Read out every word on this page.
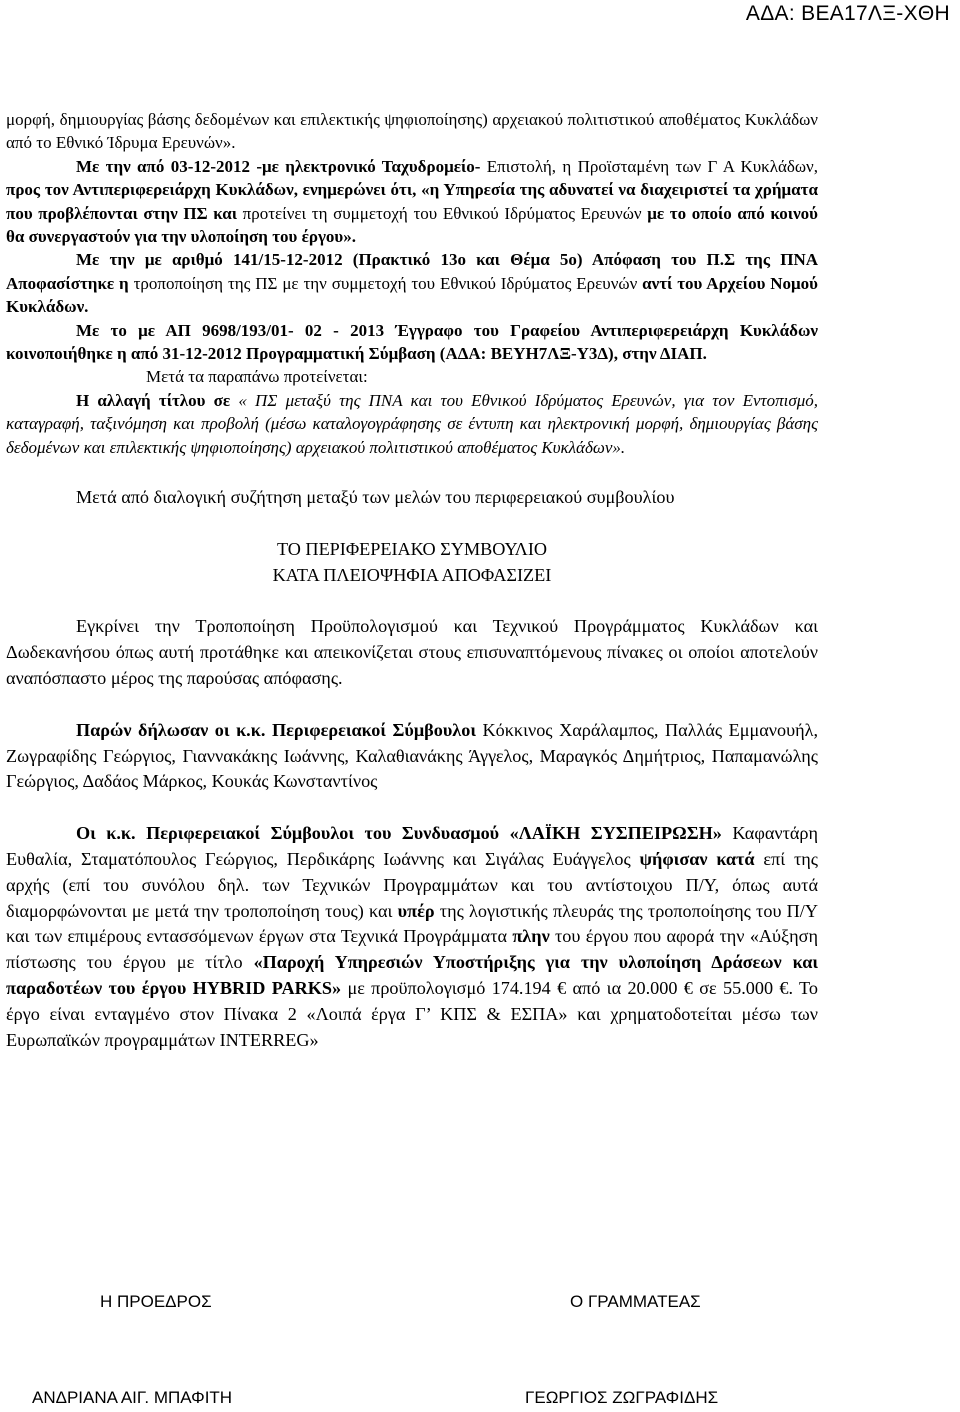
ΑΔΑ: ΒΕΑ17ΛΞ-ΧΘΗ

μορφή, δημιουργίας βάσης δεδομένων και επιλεκτικής ψηφιοποίησης) αρχειακού πολιτιστικού αποθέματος Κυκλάδων από το Εθνικό Ίδρυμα Ερευνών».

Με την από 03-12-2012 -με ηλεκτρονικό Ταχυδρομείο- Επιστολή, η Προϊσταμένη των Γ Α Κυκλάδων, προς τον Αντιπεριφερειάρχη Κυκλάδων, ενημερώνει ότι, «η Υπηρεσία της αδυνατεί να διαχειριστεί τα χρήματα που προβλέπονται στην ΠΣ και προτείνει τη συμμετοχή του Εθνικού Ιδρύματος Ερευνών με το οποίο από κοινού θα συνεργαστούν για την υλοποίηση του έργου».

Με την με αριθμό 141/15-12-2012 (Πρακτικό 13ο και Θέμα 5ο) Απόφαση του Π.Σ της ΠΝΑ Αποφασίστηκε η τροποποίηση της ΠΣ με την συμμετοχή του Εθνικού Ιδρύματος Ερευνών αντί του Αρχείου Νομού Κυκλάδων.

Με το με ΑΠ 9698/193/01- 02 - 2013 Έγγραφο του Γραφείου Αντιπεριφερειάρχη Κυκλάδων κοινοποιήθηκε η από 31-12-2012 Προγραμματική Σύμβαση (ΑΔΑ: ΒΕΥΗ7ΛΞ-Υ3Δ), στην ΔΙΑΠ.

Μετά τα παραπάνω προτείνεται:

Η αλλαγή τίτλου σε « ΠΣ μεταξύ της ΠΝΑ και του Εθνικού Ιδρύματος Ερευνών, για τον Εντοπισμό, καταγραφή, ταξινόμηση και προβολή (μέσω καταλογογράφησης σε έντυπη και ηλεκτρονική μορφή, δημιουργίας βάσης δεδομένων και επιλεκτικής ψηφιοποίησης) αρχειακού πολιτιστικού αποθέματος Κυκλάδων».

Μετά από διαλογική συζήτηση μεταξύ των μελών του περιφερειακού συμβουλίου

ΤΟ ΠΕΡΙΦΕΡΕΙΑΚΟ ΣΥΜΒΟΥΛΙΟ
ΚΑΤΑ ΠΛΕΙΟΨΗΦΙΑ ΑΠΟΦΑΣΙΖΕΙ

Εγκρίνει την Τροποποίηση Προϋπολογισμού και Τεχνικού Προγράμματος Κυκλάδων και Δωδεκανήσου όπως αυτή προτάθηκε και απεικονίζεται στους επισυναπτόμενους πίνακες οι οποίοι αποτελούν αναπόσπαστο μέρος της παρούσας απόφασης.

Παρών δήλωσαν οι κ.κ. Περιφερειακοί Σύμβουλοι Κόκκινος Χαράλαμπος, Παλλάς Εμμανουήλ, Ζωγραφίδης Γεώργιος, Γιαννακάκης Ιωάννης, Καλαθιανάκης Άγγελος, Μαραγκός Δημήτριος, Παπαμανώλης Γεώργιος, Δαδάος Μάρκος, Κουκάς Κωνσταντίνος

Οι κ.κ. Περιφερειακοί Σύμβουλοι του Συνδυασμού «ΛΑΪΚΗ ΣΥΣΠΕΙΡΩΣΗ» Καφαντάρη Ευθαλία, Σταματόπουλος Γεώργιος, Περδικάρης Ιωάννης και Σιγάλας Ευάγγελος ψήφισαν κατά επί της αρχής (επί του συνόλου δηλ. των Τεχνικών Προγραμμάτων και του αντίστοιχου Π/Υ, όπως αυτά διαμορφώνονται με μετά την τροποποίηση τους) και υπέρ της λογιστικής πλευράς της τροποποίησης του Π/Υ και των επιμέρους εντασσόμενων έργων στα Τεχνικά Προγράμματα πλην του έργου που αφορά την «Αύξηση πίστωσης του έργου με τίτλο «Παροχή Υπηρεσιών Υποστήριξης για την υλοποίηση Δράσεων και παραδοτέων του έργου HYBRID PARKS» με προϋπολογισμό 174.194 € από ια 20.000 € σε 55.000 €. Το έργο είναι ενταγμένο στον Πίνακα 2 «Λοιπά έργα Γ’ ΚΠΣ & ΕΣΠΑ» και χρηματοδοτείται μέσω των Ευρωπαϊκών προγραμμάτων INTERREG»

Η ΠΡΟΕΔΡΟΣ	Ο ΓΡΑΜΜΑΤΕΑΣ
ΑΝΔΡΙΑΝΑ ΑΙΓ. ΜΠΑΦΙΤΗ	ΓΕΩΡΓΙΟΣ ΖΩΓΡΑΦΙΔΗΣ
